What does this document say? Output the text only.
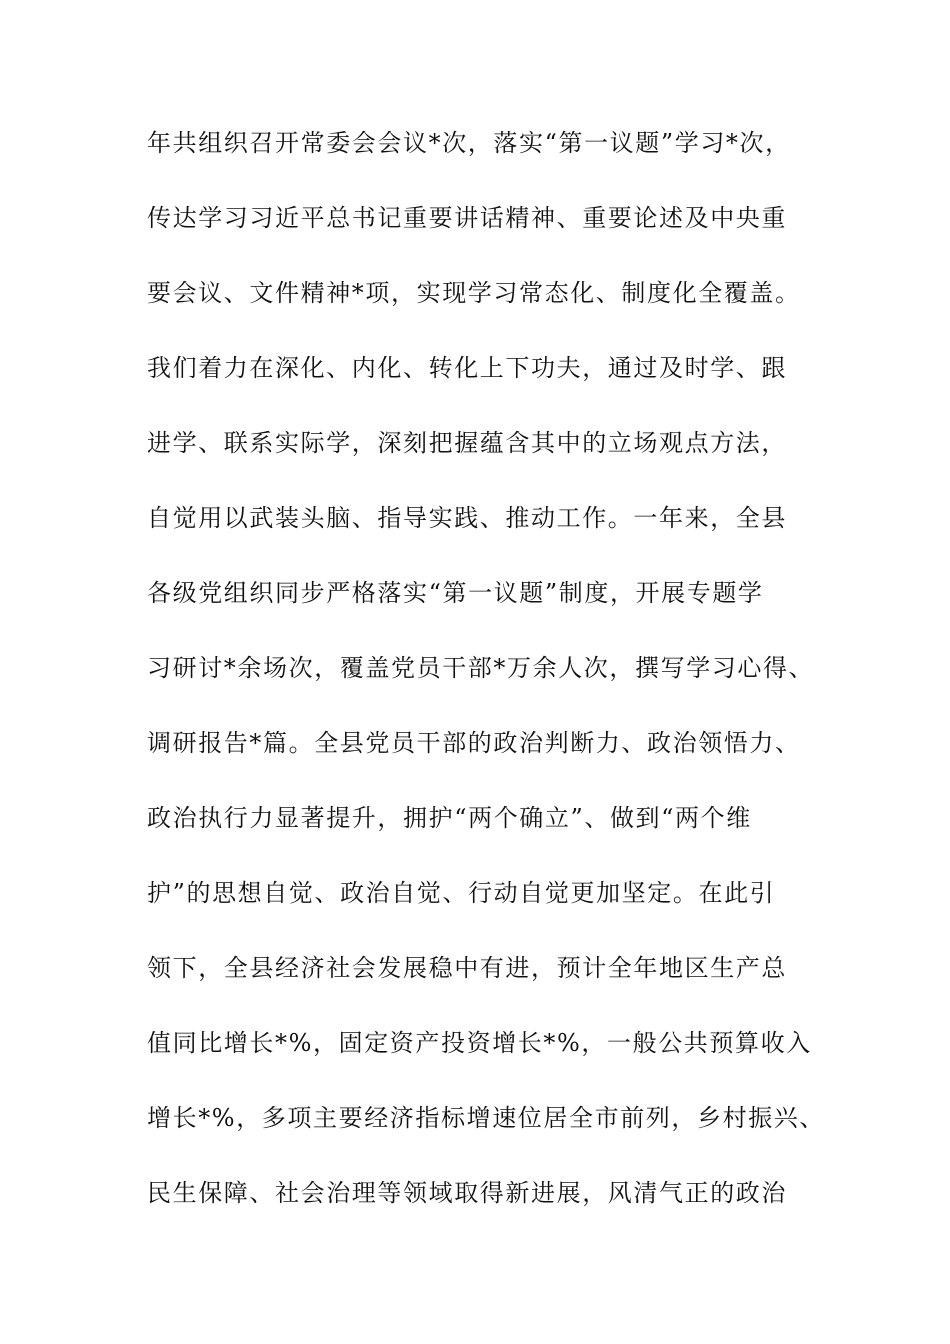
年共组织召开常委会会议*次，落实“第一议题”学习*次，
传达学习习近平总书记重要讲话精神、重要论述及中央重
要会议、文件精神*项，实现学习常态化、制度化全覆盖。
我们着力在深化、内化、转化上下功夫，通过及时学、跟
进学、联系实际学，深刻把握蕴含其中的立场观点方法，
自觉用以武装头脑、指导实践、推动工作。一年来，全县
各级党组织同步严格落实“第一议题”制度，开展专题学
习研讨*余场次，覆盖党员干部*万余人次，撰写学习心得、
调研报告*篇。全县党员干部的政治判断力、政治领悟力、
政治执行力显著提升，拥护“两个确立”、做到“两个维
护”的思想自觉、政治自觉、行动自觉更加坚定。在此引
领下，全县经济社会发展稳中有进，预计全年地区生产总
值同比增长*%，固定资产投资增长*%，一般公共预算收入
增长*%，多项主要经济指标增速位居全市前列，乡村振兴、
民生保障、社会治理等领域取得新进展，风清气正的政治
